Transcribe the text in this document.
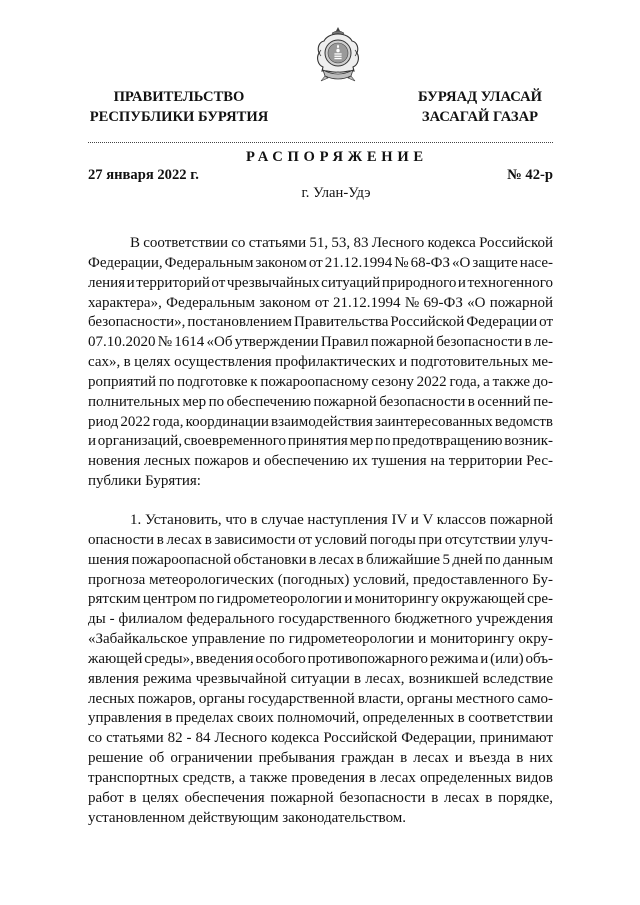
ПРАВИТЕЛЬСТВО
РЕСПУБЛИКИ БУРЯТИЯ
БУРЯАД УЛАСАЙ
ЗАСАГАЙ ГАЗАР
РАСПОРЯЖЕНИЕ
27 января 2022 г.	№ 42-р
г. Улан-Удэ
В соответствии со статьями 51, 53, 83 Лесного кодекса Российской
Федерации, Федеральным законом от 21.12.1994 № 68-ФЗ «О защите насе-
ления и территорий от чрезвычайных ситуаций природного и техногенного
характера», Федеральным законом от 21.12.1994 № 69-ФЗ «О пожарной
безопасности», постановлением Правительства Российской Федерации от
07.10.2020 № 1614 «Об утверждении Правил пожарной безопасности в ле-
сах», в целях осуществления профилактических и подготовительных ме-
роприятий по подготовке к пожароопасному сезону 2022 года, а также до-
полнительных мер по обеспечению пожарной безопасности в осенний пе-
риод 2022 года, координации взаимодействия заинтересованных ведомств
и организаций, своевременного принятия мер по предотвращению возник-
новения лесных пожаров и обеспечению их тушения на территории Рес-
публики Бурятия:
1. Установить, что в случае наступления IV и V классов пожарной
опасности в лесах в зависимости от условий погоды при отсутствии улуч-
шения пожароопасной обстановки в лесах в ближайшие 5 дней по данным
прогноза метеорологических (погодных) условий, предоставленного Бу-
рятским центром по гидрометеорологии и мониторингу окружающей сре-
ды - филиалом федерального государственного бюджетного учреждения
«Забайкальское управление по гидрометеорологии и мониторингу окру-
жающей среды», введения особого противопожарного режима и (или) объ-
явления режима чрезвычайной ситуации в лесах, возникшей вследствие
лесных пожаров, органы государственной власти, органы местного само-
управления в пределах своих полномочий, определенных в соответствии
со статьями 82 - 84 Лесного кодекса Российской Федерации, принимают
решение об ограничении пребывания граждан в лесах и въезда в них
транспортных средств, а также проведения в лесах определенных видов
работ в целях обеспечения пожарной безопасности в лесах в порядке,
установленном действующим законодательством.
